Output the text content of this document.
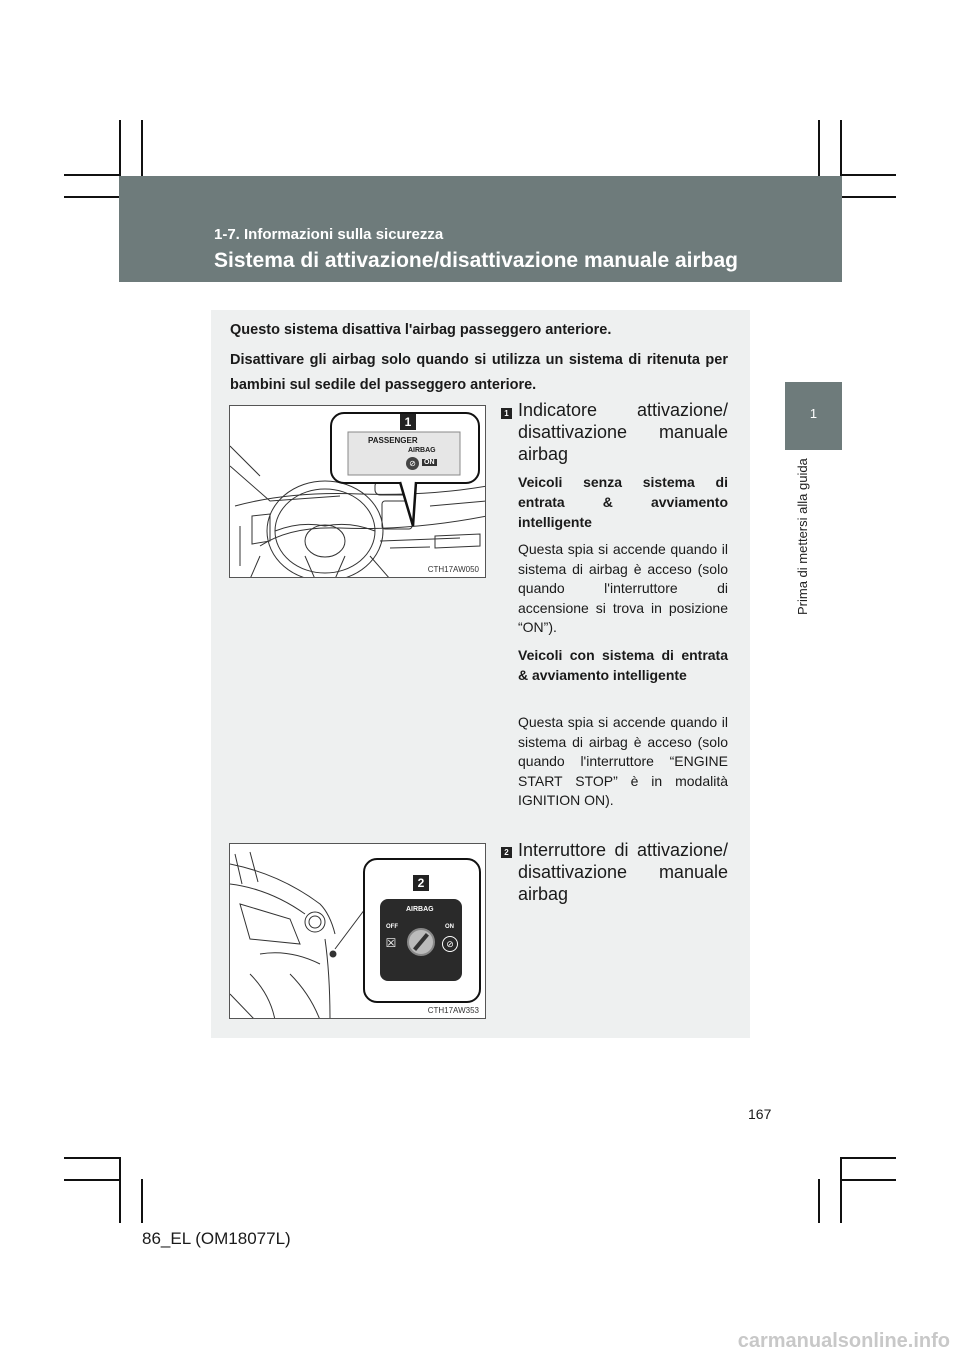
1-7. Informazioni sulla sicurezza
Sistema di attivazione/disattivazione manuale airbag
1
Prima di mettersi alla guida

Questo sistema disattiva l'airbag passeggero anteriore.

Disattivare gli airbag solo quando si utilizza un sistema di ritenuta per bambini sul sedile del passeggero anteriore.

1
PASSENGER
AIRBAG
⊘	ON
CTH17AW050
2
AIRBAG
OFF	ON
☒	⊘
CTH17AW353
1 Indicatore attivazione/ disattivazione manuale airbag
Veicoli senza sistema di entrata & avviamento intelligente
Questa spia si accende quando il sistema di airbag è acceso (solo quando l'interruttore di accensione si trova in posizione “ON”).
Veicoli con sistema di entrata & avviamento intelligente
Questa spia si accende quando il sistema di airbag è acceso (solo quando l'interruttore “ENGINE START STOP” è in modalità IGNITION ON).
2 Interruttore di attivazione/ disattivazione manuale airbag
167
86_EL (OM18077L)
carmanualsonline.info
